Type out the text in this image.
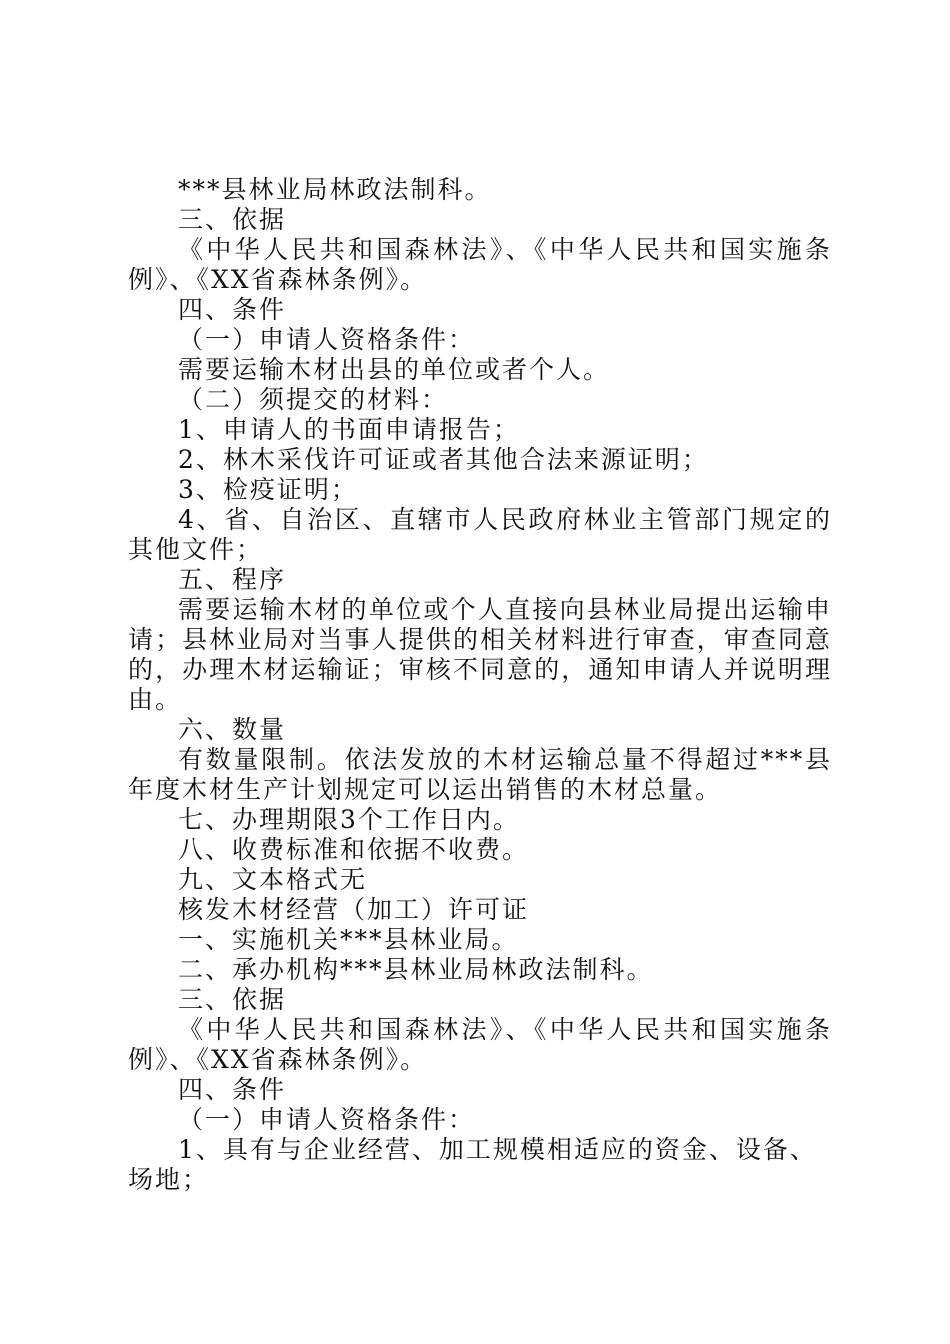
***县林业局林政法制科。

三、依据

《中华人民共和国森林法》、《中华人民共和国实施条例》、《XX省森林条例》。

四、条件

（一）申请人资格条件：

需要运输木材出县的单位或者个人。

（二）须提交的材料：

1、申请人的书面申请报告；

2、林木采伐许可证或者其他合法来源证明；

3、检疫证明；

4、省、自治区、直辖市人民政府林业主管部门规定的其他文件；

五、程序

需要运输木材的单位或个人直接向县林业局提出运输申请；县林业局对当事人提供的相关材料进行审查，审查同意的，办理木材运输证；审核不同意的，通知申请人并说明理由。

六、数量

有数量限制。依法发放的木材运输总量不得超过***县年度木材生产计划规定可以运出销售的木材总量。

七、办理期限3个工作日内。

八、收费标准和依据不收费。

九、文本格式无

核发木材经营（加工）许可证

一、实施机关***县林业局。

二、承办机构***县林业局林政法制科。

三、依据

《中华人民共和国森林法》、《中华人民共和国实施条例》、《XX省森林条例》。

四、条件

（一）申请人资格条件：

1、具有与企业经营、加工规模相适应的资金、设备、场地；
